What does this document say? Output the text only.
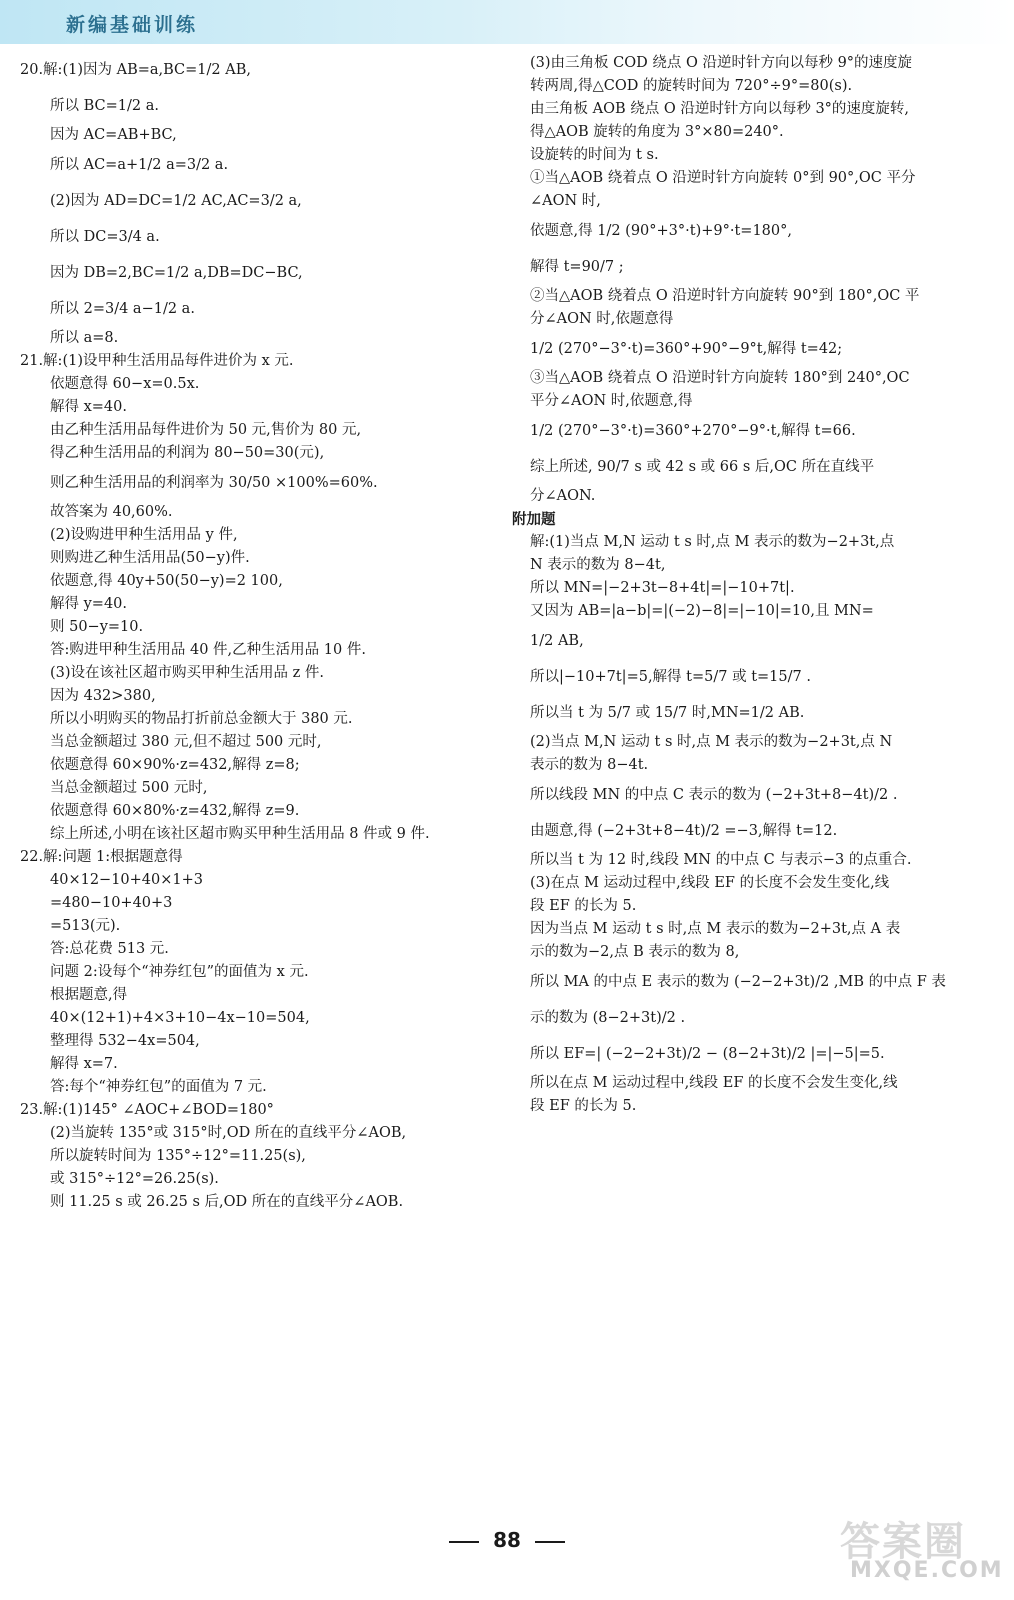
新编基础训练
20.解:(1)因为 AB=a,BC=1/2 AB,
所以 BC=1/2 a.
因为 AC=AB+BC,
所以 AC=a+1/2 a=3/2 a.
(2)因为 AD=DC=1/2 AC,AC=3/2 a,
所以 DC=3/4 a.
因为 DB=2,BC=1/2 a,DB=DC−BC,
所以 2=3/4 a−1/2 a.
所以 a=8.
21.解:(1)设甲种生活用品每件进价为 x 元.
依题意得 60−x=0.5x.
解得 x=40.
由乙种生活用品每件进价为 50 元,售价为 80 元,
得乙种生活用品的利润为 80−50=30(元),
则乙种生活用品的利润率为 30/50 ×100%=60%.
故答案为 40,60%.
(2)设购进甲种生活用品 y 件,
则购进乙种生活用品(50−y)件.
依题意,得 40y+50(50−y)=2 100,
解得 y=40.
则 50−y=10.
答:购进甲种生活用品 40 件,乙种生活用品 10 件.
(3)设在该社区超市购买甲种生活用品 z 件.
因为 432>380,
所以小明购买的物品打折前总金额大于 380 元.
当总金额超过 380 元,但不超过 500 元时,
依题意得 60×90%·z=432,解得 z=8;
当总金额超过 500 元时,
依题意得 60×80%·z=432,解得 z=9.
综上所述,小明在该社区超市购买甲种生活用品 8 件或 9 件.
22.解:问题 1:根据题意得
40×12−10+40×1+3
=480−10+40+3
=513(元).
答:总花费 513 元.
问题 2:设每个“神券红包”的面值为 x 元.
根据题意,得
40×(12+1)+4×3+10−4x−10=504,
整理得 532−4x=504,
解得 x=7.
答:每个“神券红包”的面值为 7 元.
23.解:(1)145° ∠AOC+∠BOD=180°
(2)当旋转 135°或 315°时,OD 所在的直线平分∠AOB,
所以旋转时间为 135°÷12°=11.25(s),
或 315°÷12°=26.25(s).
则 11.25 s 或 26.25 s 后,OD 所在的直线平分∠AOB.
(3)由三角板 COD 绕点 O 沿逆时针方向以每秒 9°的速度旋
转两周,得△COD 的旋转时间为 720°÷9°=80(s).
由三角板 AOB 绕点 O 沿逆时针方向以每秒 3°的速度旋转,
得△AOB 旋转的角度为 3°×80=240°.
设旋转的时间为 t s.
①当△AOB 绕着点 O 沿逆时针方向旋转 0°到 90°,OC 平分
∠AON 时,
依题意,得 1/2 (90°+3°·t)+9°·t=180°,
解得 t=90/7 ;
②当△AOB 绕着点 O 沿逆时针方向旋转 90°到 180°,OC 平
分∠AON 时,依题意得
1/2 (270°−3°·t)=360°+90°−9°t,解得 t=42;
③当△AOB 绕着点 O 沿逆时针方向旋转 180°到 240°,OC
平分∠AON 时,依题意,得
1/2 (270°−3°·t)=360°+270°−9°·t,解得 t=66.
综上所述, 90/7 s 或 42 s 或 66 s 后,OC 所在直线平
分∠AON.
附加题
解:(1)当点 M,N 运动 t s 时,点 M 表示的数为−2+3t,点
N 表示的数为 8−4t,
所以 MN=|−2+3t−8+4t|=|−10+7t|.
又因为 AB=|a−b|=|(−2)−8|=|−10|=10,且 MN=
1/2 AB,
所以|−10+7t|=5,解得 t=5/7 或 t=15/7 .
所以当 t 为 5/7 或 15/7 时,MN=1/2 AB.
(2)当点 M,N 运动 t s 时,点 M 表示的数为−2+3t,点 N
表示的数为 8−4t.
所以线段 MN 的中点 C 表示的数为 (−2+3t+8−4t)/2 .
由题意,得 (−2+3t+8−4t)/2 =−3,解得 t=12.
所以当 t 为 12 时,线段 MN 的中点 C 与表示−3 的点重合.
(3)在点 M 运动过程中,线段 EF 的长度不会发生变化,线
段 EF 的长为 5.
因为当点 M 运动 t s 时,点 M 表示的数为−2+3t,点 A 表
示的数为−2,点 B 表示的数为 8,
所以 MA 的中点 E 表示的数为 (−2−2+3t)/2 ,MB 的中点 F 表
示的数为 (8−2+3t)/2 .
所以 EF=| (−2−2+3t)/2 − (8−2+3t)/2 |=|−5|=5.
所以在点 M 运动过程中,线段 EF 的长度不会发生变化,线
段 EF 的长为 5.
88	答案圈
MXQE.COM
